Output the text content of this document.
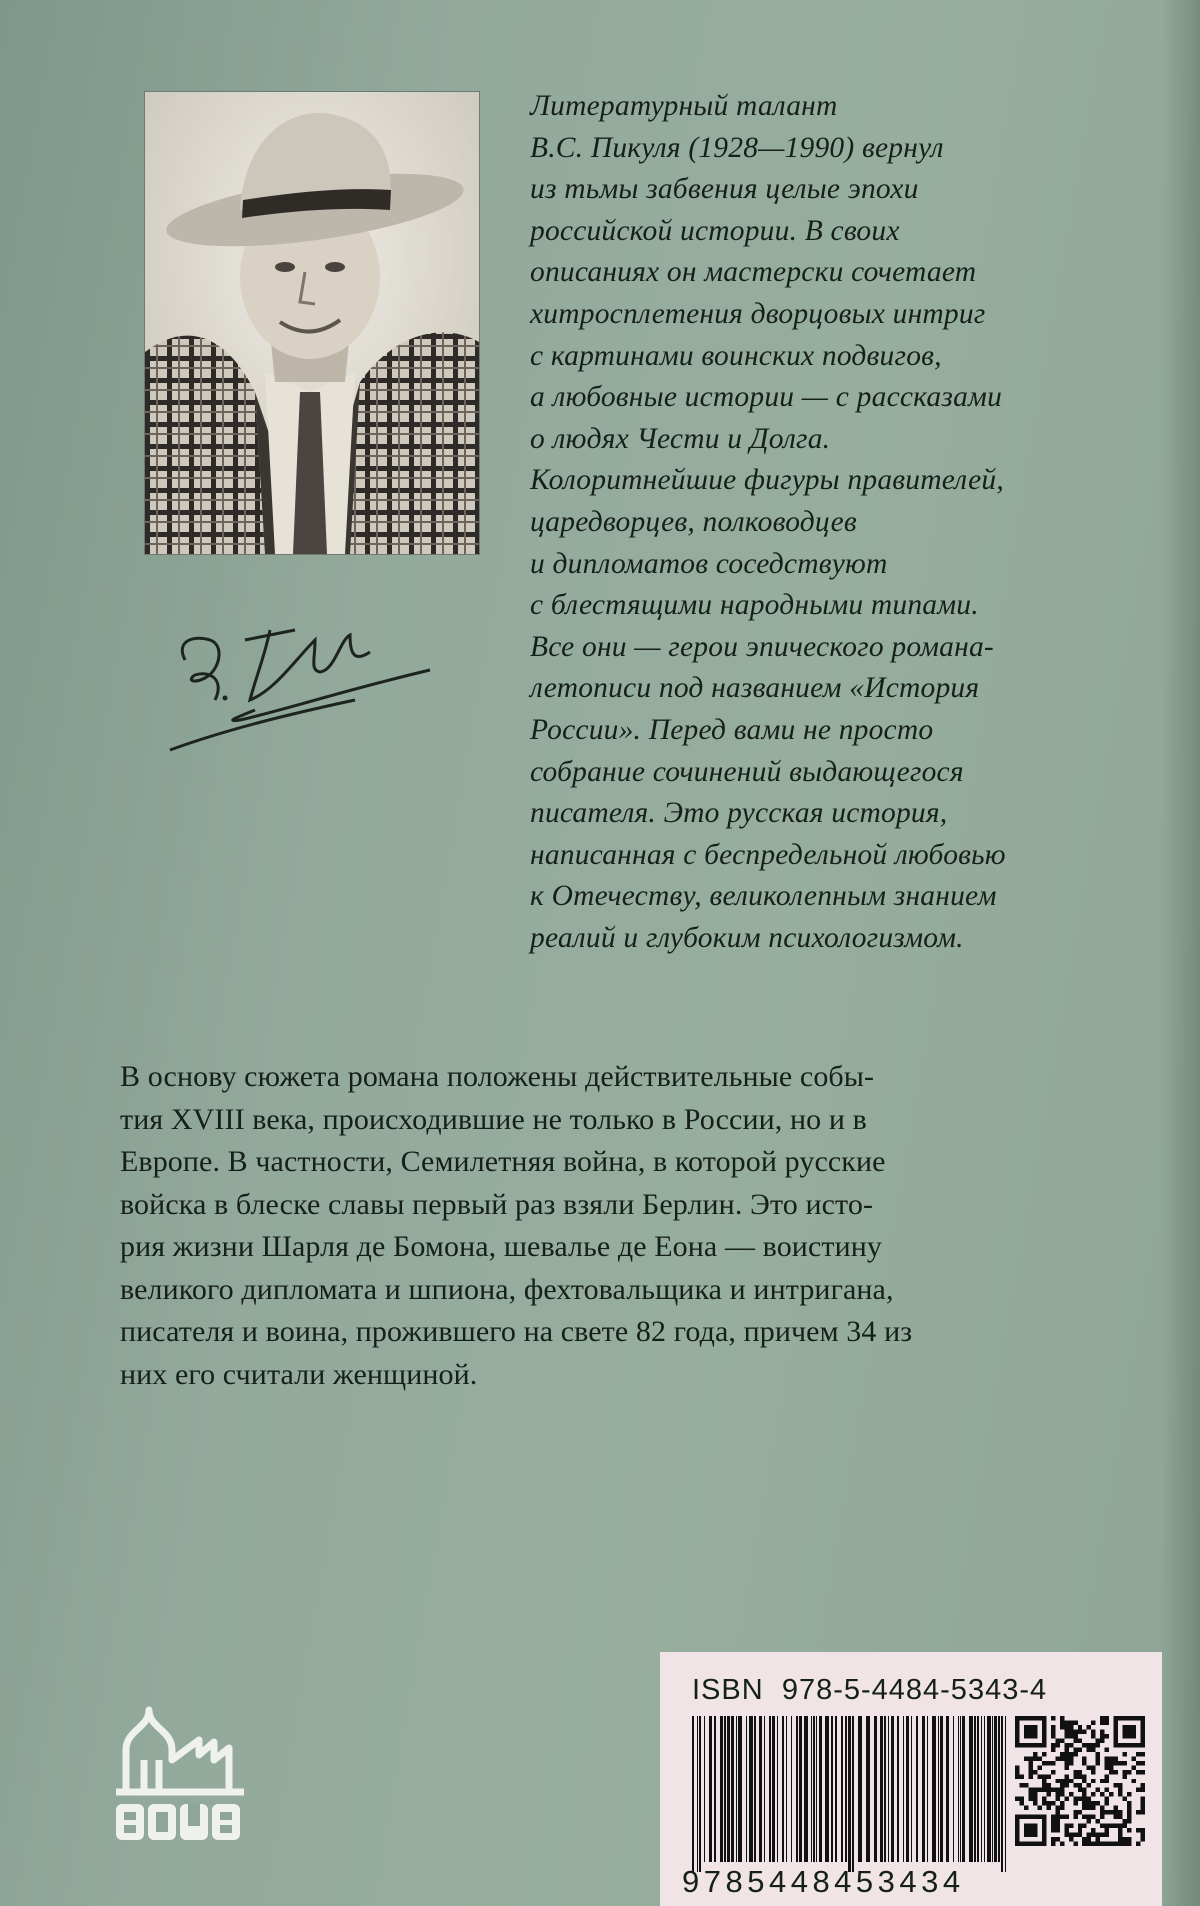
Литературный талант
В.С. Пикуля (1928—1990) вернул
из тьмы забвения целые эпохи
российской истории. В своих
описаниях он мастерски сочетает
хитросплетения дворцовых интриг
с картинами воинских подвигов,
а любовные истории — с рассказами
о людях Чести и Долга.
Колоритнейшие фигуры правителей,
царедворцев, полководцев
и дипломатов соседствуют
с блестящими народными типами.
Все они — герои эпического романа-
летописи под названием «История
России». Перед вами не просто
собрание сочинений выдающегося
писателя. Это русская история,
написанная с беспредельной любовью
к Отечеству, великолепным знанием
реалий и глубоким психологизмом.
В основу сюжета романа положены действительные собы-
тия XVIII века, происходившие не только в России, но и в
Европе. В частности, Семилетняя война, в которой русские
войска в блеске славы первый раз взяли Берлин. Это исто-
рия жизни Шарля де Бомона, шевалье де Еона — воистину
великого дипломата и шпиона, фехтовальщика и интригана,
писателя и воина, прожившего на свете 82 года, причем 34 из
них его считали женщиной.
ISBN 978-5-4484-5343-4
9785448453434
